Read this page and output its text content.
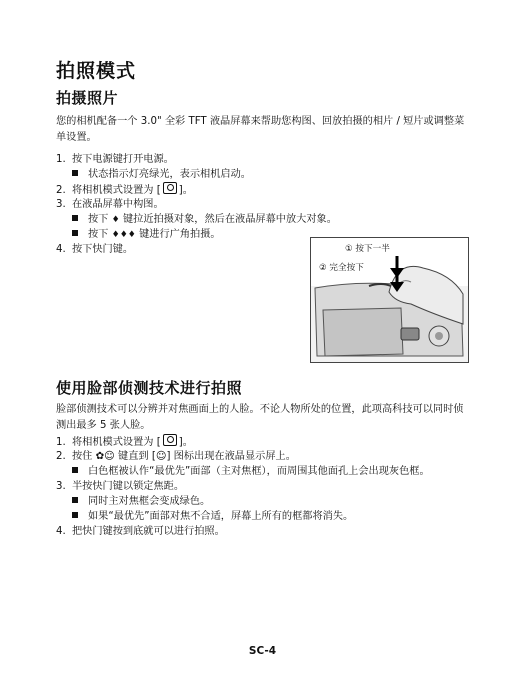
拍照模式
拍摄照片
您的相机配备一个 3.0" 全彩 TFT 液晶屏幕来帮助您构图、回放拍摄的相片 / 短片或调整菜单设置。
1. 按下电源键打开电源。
状态指示灯亮绿光，表示相机启动。
2. 将相机模式设置为 [ ]。
3. 在液晶屏幕中构图。
按下 ♦ 键拉近拍摄对象，然后在液晶屏幕中放大对象。
按下 ♦♦♦ 键进行广角拍摄。
4. 按下快门键。	① 按下一半
② 完全按下
使用脸部侦测技术进行拍照
脸部侦测技术可以分辨并对焦画面上的人脸。不论人物所处的位置，此项高科技可以同时侦测出最多 5 张人脸。
1. 将相机模式设置为 [ ]。
2. 按住 ✿☺ 键直到 [☺] 图标出现在液晶显示屏上。
白色框被认作“最优先”面部（主对焦框），而周围其他面孔上会出现灰色框。
3. 半按快门键以锁定焦距。
同时主对焦框会变成绿色。
如果“最优先”面部对焦不合适，屏幕上所有的框都将消失。
4. 把快门键按到底就可以进行拍照。
SC-4
